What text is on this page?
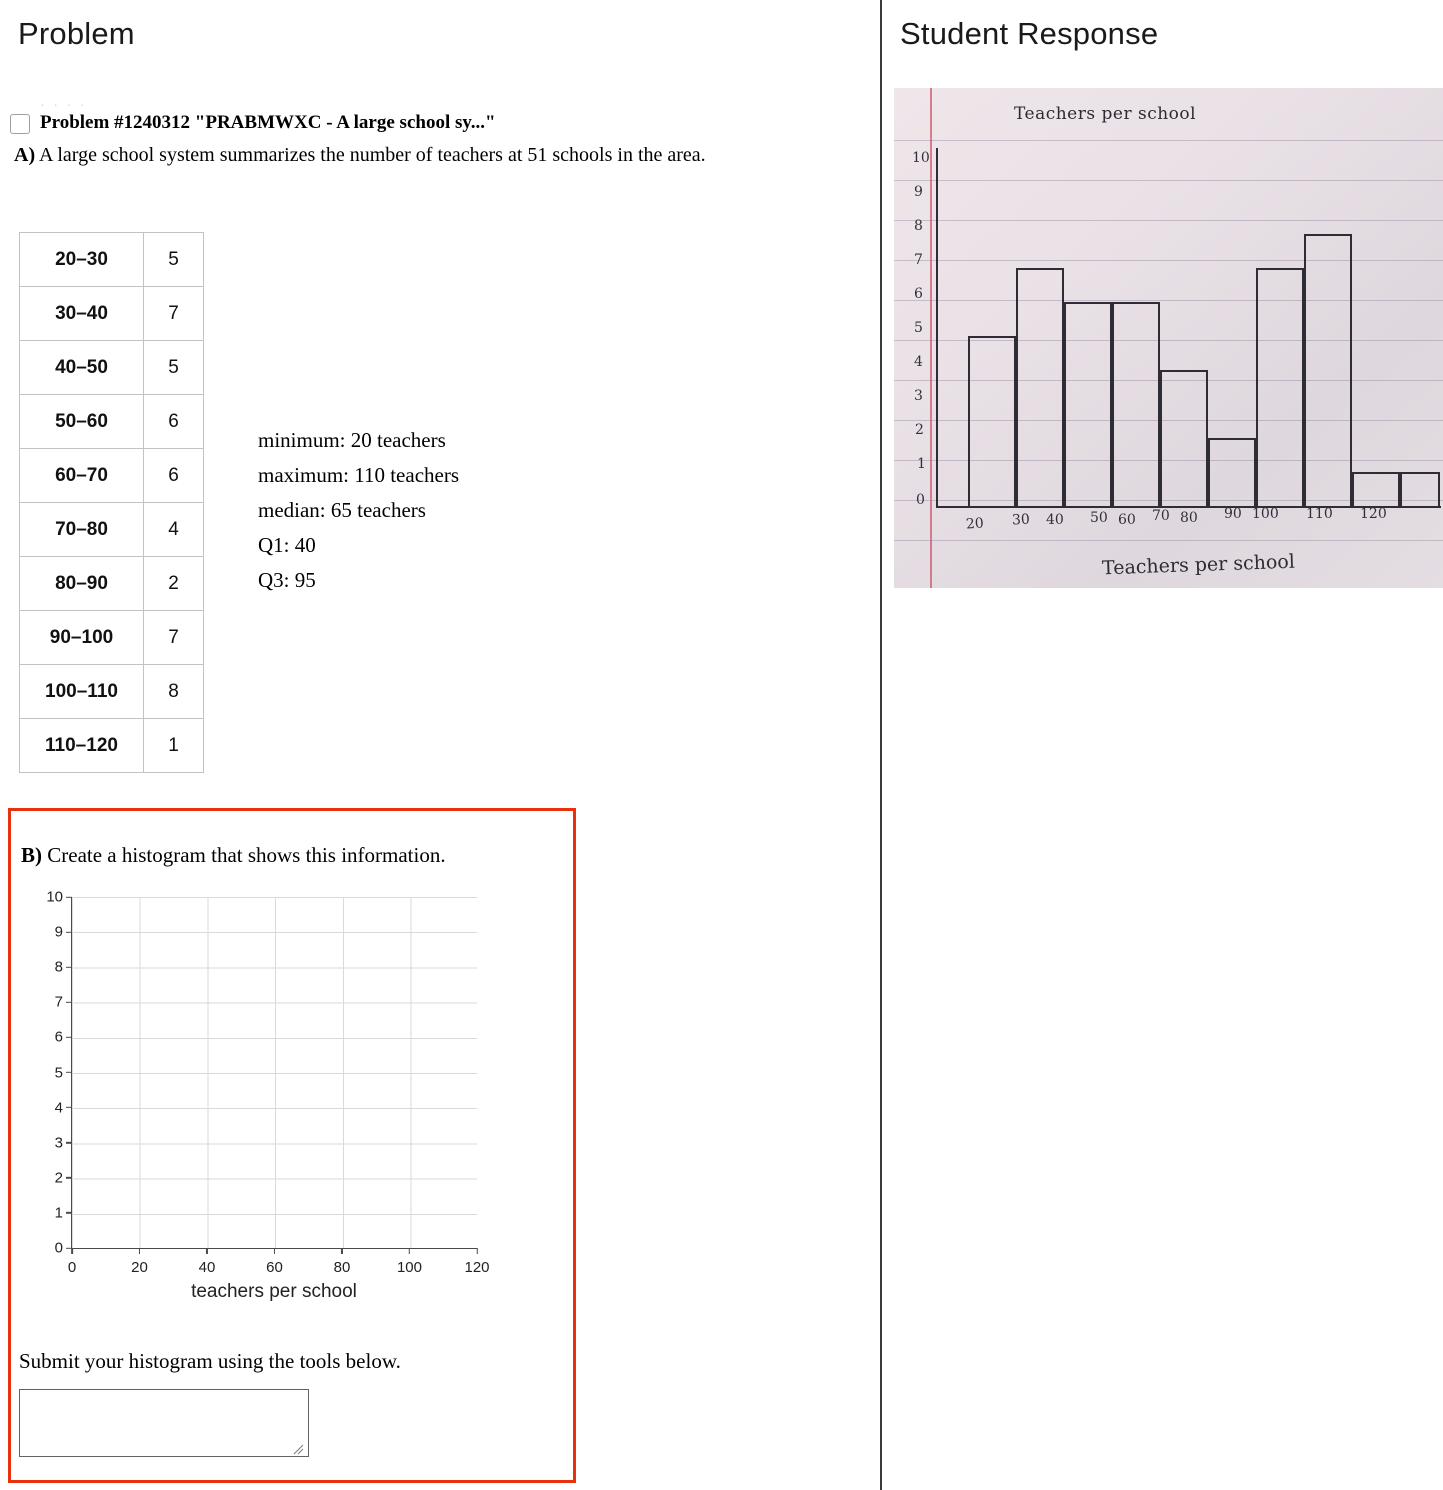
Problem
· · · ·
Problem #1240312 "PRABMWXC - A large school sy..."
A) A large school system summarizes the number of teachers at 51 schools in the area.
20–30	5
30–40	7
40–50	5
50–60	6
60–70	6
70–80	4
80–90	2
90–100	7
100–110	8
110–120	1
minimum: 20 teachers
maximum: 110 teachers
median: 65 teachers
Q1: 40
Q3: 95
B) Create a histogram that shows this information.
10
9
8
7
6
5
4
3
2
1
0
0	20	40	60	80	100	120
teachers per school
Submit your histogram using the tools below.
Student Response
Teachers per school
10
9
8
7
6
5
4
3
2
1
0
20 30 40 50 60 70 80 90 100 110 120
Teachers per school
